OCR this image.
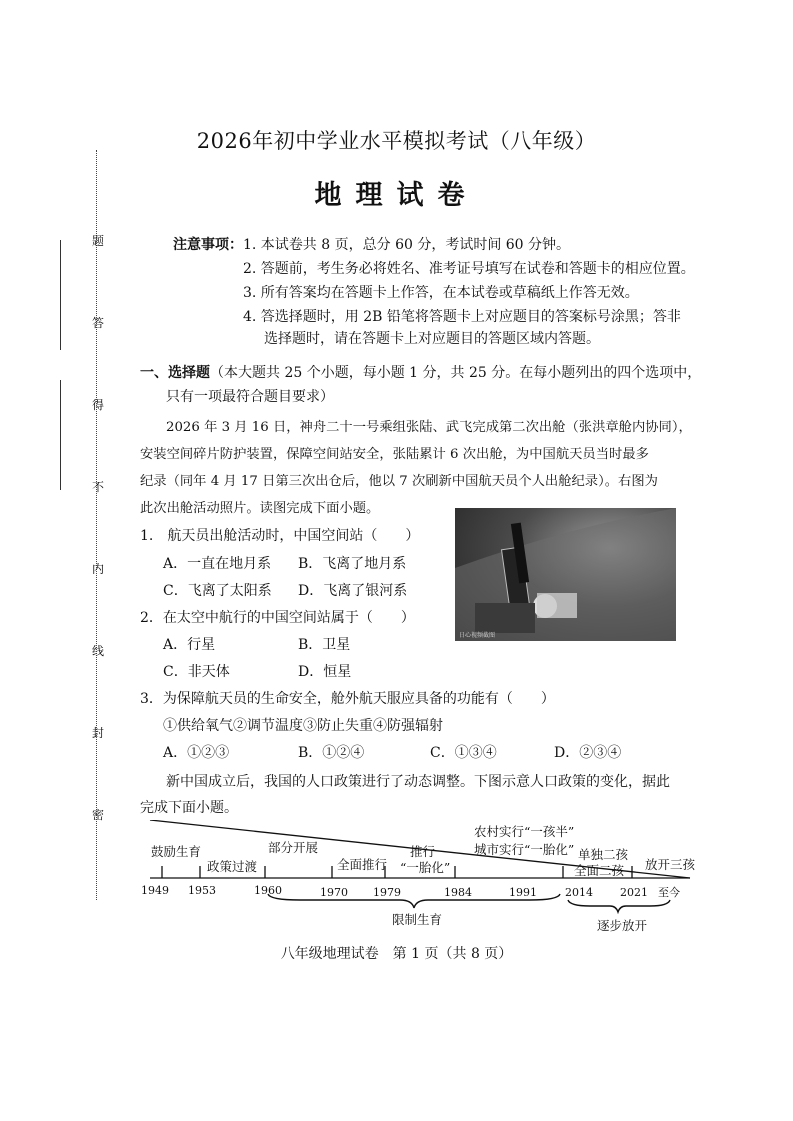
题
答
得
不
内
线
封
密
2026年初中学业水平模拟考试（八年级）
地理试卷
注意事项： 1. 本试卷共 8 页，总分 60 分，考试时间 60 分钟。
2. 答题前，考生务必将姓名、准考证号填写在试卷和答题卡的相应位置。
3. 所有答案均在答题卡上作答，在本试卷或草稿纸上作答无效。
4. 答选择题时，用 2B 铅笔将答题卡上对应题目的答案标号涂黑；答非
选择题时，请在答题卡上对应题目的答题区域内答题。
一、选择题（本大题共 25 个小题，每小题 1 分，共 25 分。在每小题列出的四个选项中，
只有一项最符合题目要求）
2026 年 3 月 16 日，神舟二十一号乘组张陆、武飞完成第二次出舱（张洪章舱内协同），
安装空间碎片防护装置，保障空间站安全，张陆累计 6 次出舱，为中国航天员当时最多
纪录（同年 4 月 17 日第三次出仓后，他以 7 次刷新中国航天员个人出舱纪录）。右图为
此次出舱活动照片。读图完成下面小题。
日心视频截图
1.　航天员出舱活动时，中国空间站（　　）
A．一直在地月系 B．飞离了地月系
C．飞离了太阳系 D．飞离了银河系
2．在太空中航行的中国空间站属于（　　）
A．行星	B．卫星
C．非天体	D．恒星
3．为保障航天员的生命安全，舱外航天服应具备的功能有（　　）
①供给氧气②调节温度③防止失重④防强辐射
A．①②③	B．①②④	C．①③④	D．②③④
新中国成立后，我国的人口政策进行了动态调整。下图示意人口政策的变化，据此
完成下面小题。
鼓励生育
政策过渡
部分开展
全面推行
推行
“一胎化”
农村实行“一孩半”
城市实行“一胎化” 单独二孩
全面二孩 放开三孩
1949 1953	1960	1970 1979	1984	1991	2014 2021 至今
限制生育	逐步放开
八年级地理试卷　第 1 页（共 8 页）
